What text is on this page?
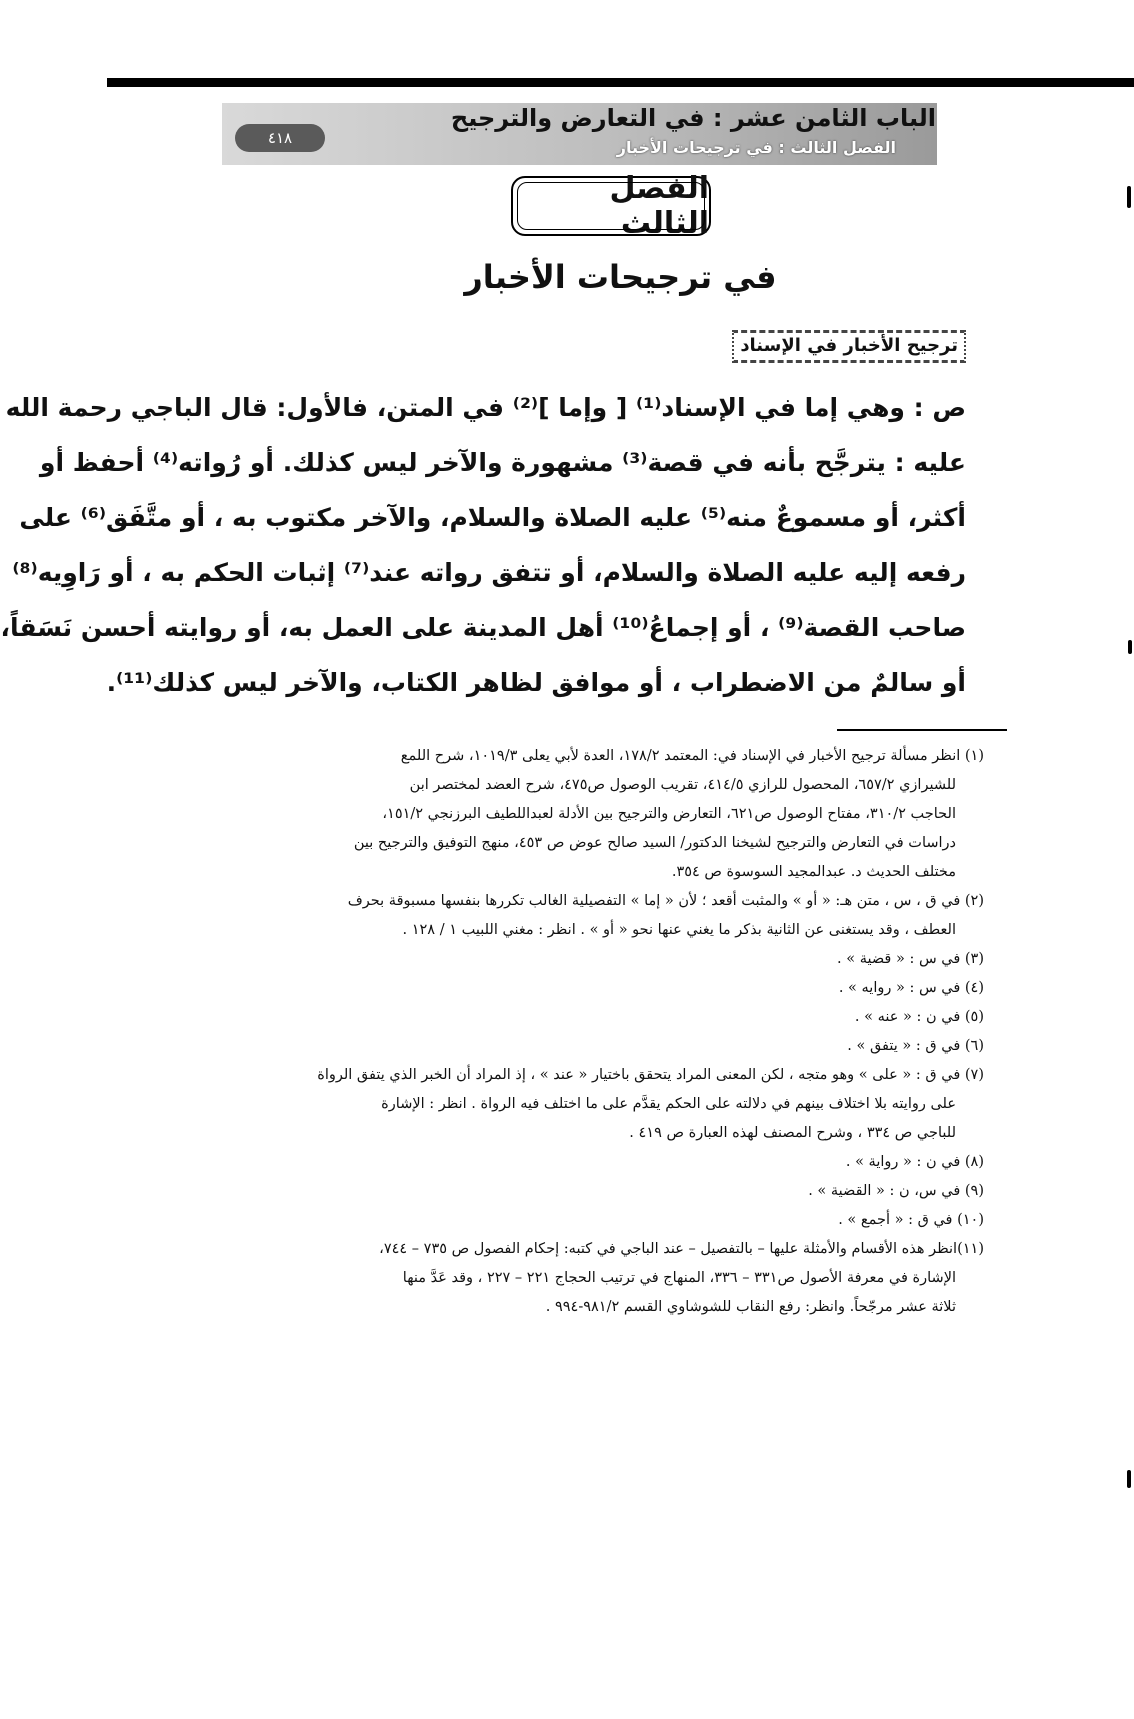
٤١٨
الباب الثامن عشر : في التعارض والترجيح
الفصل الثالث : في ترجيحات الأخبار
الفصل الثالث
في ترجيحات الأخبار
ترجيح الأخبار في الإسناد
ص : وهي إما في الإسناد⁽¹⁾ [ وإما ]⁽²⁾ في المتن، فالأول: قال الباجي رحمة الله
عليه : يترجَّح بأنه في قصة⁽³⁾ مشهورة والآخر ليس كذلك. أو رُواته⁽⁴⁾ أحفظ أو
أكثر، أو مسموعٌ منه⁽⁵⁾ عليه الصلاة والسلام، والآخر مكتوب به ، أو متَّفَق⁽⁶⁾ على
رفعه إليه عليه الصلاة والسلام، أو تتفق رواته عند⁽⁷⁾ إثبات الحكم به ، أو رَاوِيه⁽⁸⁾
صاحب القصة⁽⁹⁾ ، أو إجماعُ⁽¹⁰⁾ أهل المدينة على العمل به، أو روايته أحسن نَسَقاً،
أو سالمٌ من الاضطراب ، أو موافق لظاهر الكتاب، والآخر ليس كذلك⁽¹¹⁾.
(١) انظر مسألة ترجيح الأخبار في الإسناد في: المعتمد ١٧٨/٢، العدة لأبي يعلى ١٠١٩/٣، شرح اللمع
للشيرازي ٦٥٧/٢، المحصول للرازي ٤١٤/٥، تقريب الوصول ص٤٧٥، شرح العضد لمختصر ابن
الحاجب ٣١٠/٢، مفتاح الوصول ص٦٢١، التعارض والترجيح بين الأدلة لعبداللطيف البرزنجي ١٥١/٢،
دراسات في التعارض والترجيح لشيخنا الدكتور/ السيد صالح عوض ص ٤٥٣، منهج التوفيق والترجيح بين
مختلف الحديث د. عبدالمجيد السوسوة ص ٣٥٤.
(٢) في ق ، س ، متن هـ: « أو » والمثبت أقعد ؛ لأن « إما » التفصيلية الغالب تكررها بنفسها مسبوقة بحرف
العطف ، وقد يستغنى عن الثانية بذكر ما يغني عنها نحو « أو » . انظر : مغني اللبيب ١ / ١٢٨ .
(٣) في س : « قضية » .
(٤) في س : « روايه » .
(٥) في ن : « عنه » .
(٦) في ق : « يتفق » .
(٧) في ق : « على » وهو متجه ، لكن المعنى المراد يتحقق باختيار « عند » ، إذ المراد أن الخبر الذي يتفق الرواة
على روايته بلا اختلاف بينهم في دلالته على الحكم يقدَّم على ما اختلف فيه الرواة . انظر : الإشارة
للباجي ص ٣٣٤ ، وشرح المصنف لهذه العبارة ص ٤١٩ .
(٨) في ن : « رواية » .
(٩) في س، ن : « القضية » .
(١٠) في ق : « أجمع » .
(١١)انظر هذه الأقسام والأمثلة عليها – بالتفصيل – عند الباجي في كتبه: إحكام الفصول ص ٧٣٥ – ٧٤٤،
الإشارة في معرفة الأصول ص٣٣١ – ٣٣٦، المنهاج في ترتيب الحجاج ٢٢١ – ٢٢٧ ، وقد عَدَّ منها
ثلاثة عشر مرجّحاً. وانظر: رفع النقاب للشوشاوي القسم ٩٨١/٢-٩٩٤ .
